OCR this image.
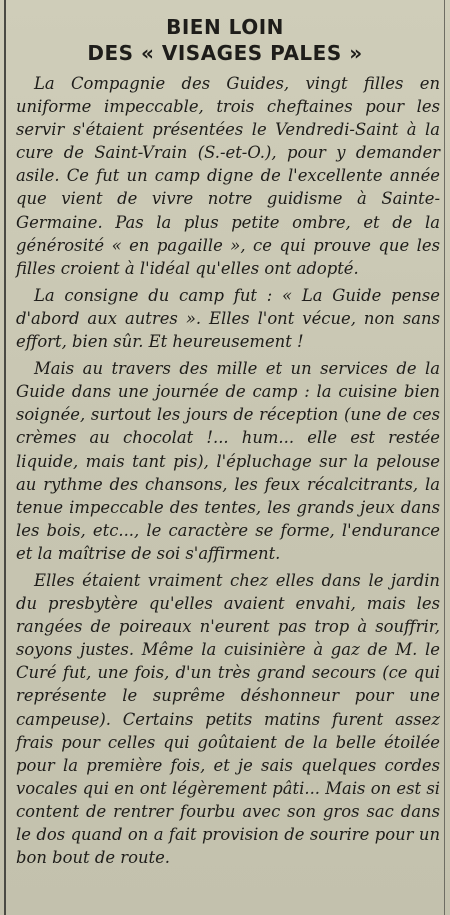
BIEN LOIN
DES « VISAGES PALES »

La Compagnie des Guides, vingt filles en uniforme impeccable, trois cheftaines pour les servir s'étaient présentées le Vendredi-Saint à la cure de Saint-Vrain (S.-et-O.), pour y demander asile. Ce fut un camp digne de l'excellente année que vient de vivre notre guidisme à Sainte-Germaine. Pas la plus petite ombre, et de la générosité « en pagaille », ce qui prouve que les filles croient à l'idéal qu'elles ont adopté.

La consigne du camp fut : « La Guide pense d'abord aux autres ». Elles l'ont vécue, non sans effort, bien sûr. Et heureusement !

Mais au travers des mille et un services de la Guide dans une journée de camp : la cuisine bien soignée, surtout les jours de réception (une de ces crèmes au chocolat !... hum... elle est restée liquide, mais tant pis), l'épluchage sur la pelouse au rythme des chansons, les feux récalcitrants, la tenue impeccable des tentes, les grands jeux dans les bois, etc..., le caractère se forme, l'endurance et la maîtrise de soi s'affirment.

Elles étaient vraiment chez elles dans le jardin du presbytère qu'elles avaient envahi, mais les rangées de poireaux n'eurent pas trop à souffrir, soyons justes. Même la cuisinière à gaz de M. le Curé fut, une fois, d'un très grand secours (ce qui représente le suprême déshonneur pour une campeuse). Certains petits matins furent assez frais pour celles qui goûtaient de la belle étoilée pour la première fois, et je sais quelques cordes vocales qui en ont légèrement pâti... Mais on est si content de rentrer fourbu avec son gros sac dans le dos quand on a fait provision de sourire pour un bon bout de route.
